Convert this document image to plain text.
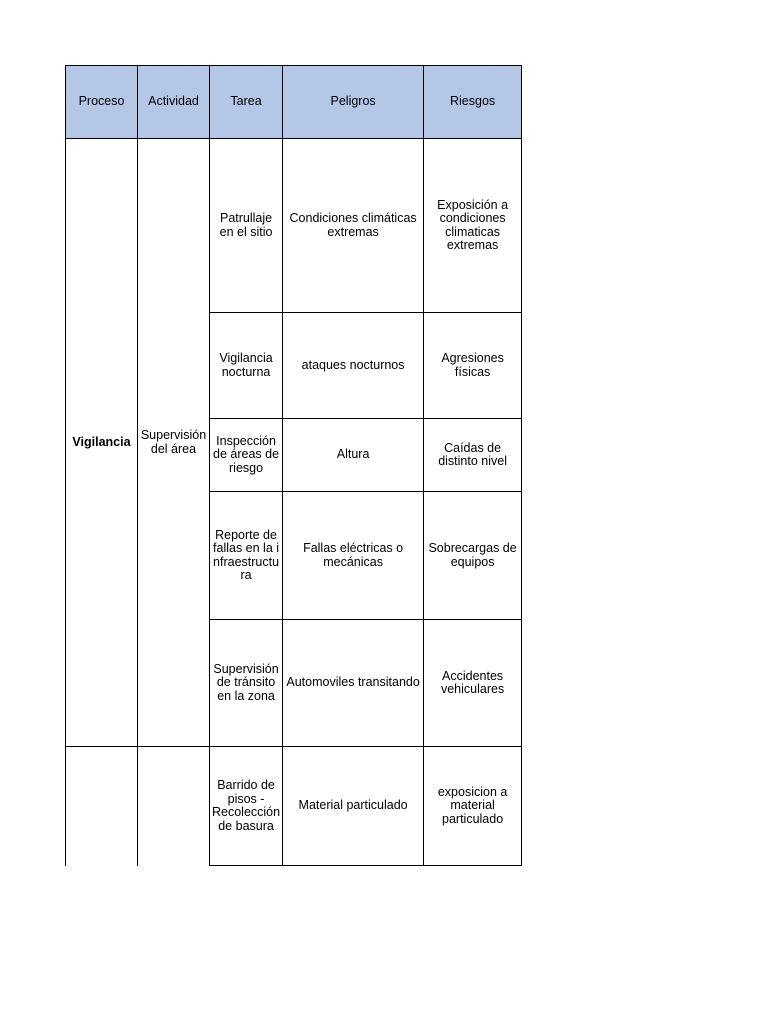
Proceso	Actividad	Tarea	Peligros	Riesgos
Vigilancia	Supervisión del área	Patrullaje en el sitio	Condiciones climáticas extremas	Exposición a condiciones climaticas extremas
		Vigilancia nocturna	ataques nocturnos	Agresiones físicas
		Inspección de áreas de riesgo	Altura	Caídas de distinto nivel
		Reporte de fallas en la infraestructura	Fallas eléctricas o mecánicas	Sobrecargas de equipos
		Supervisión de tránsito en la zona	Automoviles transitando	Accidentes vehiculares
		Barrido de pisos - Recolección de basura	Material particulado	exposicion a material particulado
